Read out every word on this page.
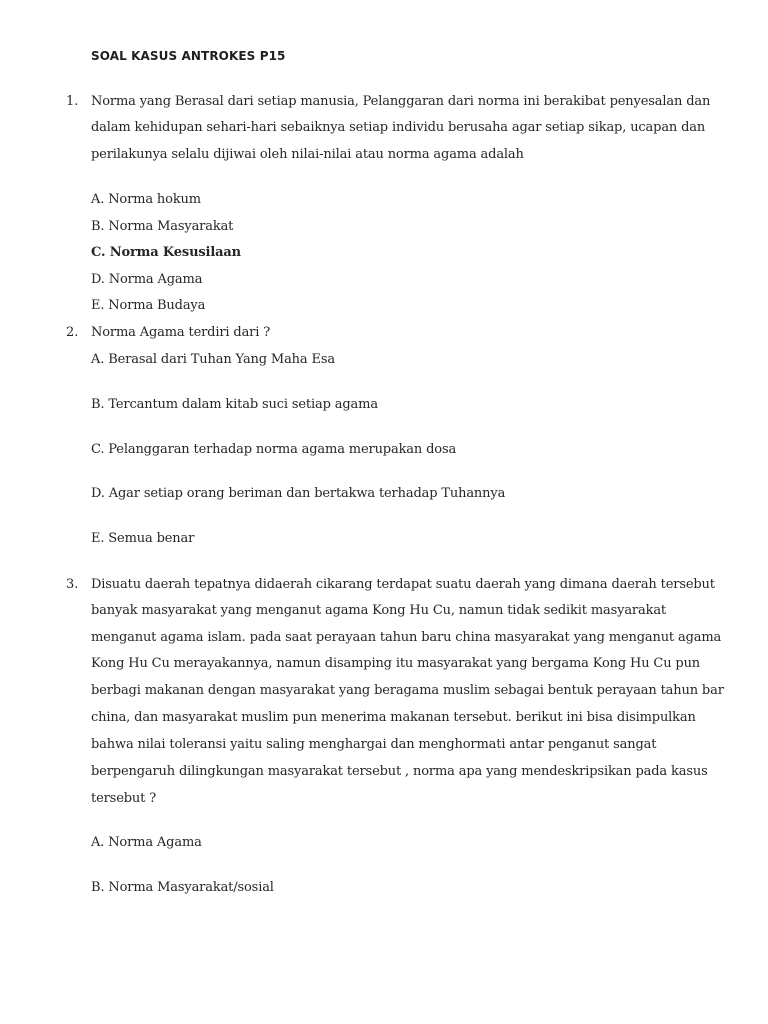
SOAL KASUS ANTROKES P15
1. Norma yang Berasal dari setiap manusia, Pelanggaran dari norma ini berakibat penyesalan dan
dalam kehidupan sehari-hari sebaiknya setiap individu berusaha agar setiap sikap, ucapan dan
perilakunya selalu dijiwai oleh nilai-nilai atau norma agama adalah
A. Norma hokum
B. Norma Masyarakat
C. Norma Kesusilaan
D. Norma Agama
E. Norma Budaya
2. Norma Agama terdiri dari ?
A. Berasal dari Tuhan Yang Maha Esa
B. Tercantum dalam kitab suci setiap agama
C. Pelanggaran terhadap norma agama merupakan dosa
D. Agar setiap orang beriman dan bertakwa terhadap Tuhannya
E. Semua benar
3. Disuatu daerah tepatnya didaerah cikarang terdapat suatu daerah yang dimana daerah tersebut
banyak masyarakat yang menganut agama Kong Hu Cu, namun tidak sedikit masyarakat
menganut agama islam. pada saat perayaan tahun baru china masyarakat yang menganut agama
Kong Hu Cu merayakannya, namun disamping itu masyarakat yang bergama Kong Hu Cu pun
berbagi makanan dengan masyarakat yang beragama muslim sebagai bentuk perayaan tahun bar
china, dan masyarakat muslim pun menerima makanan tersebut. berikut ini bisa disimpulkan
bahwa nilai toleransi yaitu saling menghargai dan menghormati antar penganut sangat
berpengaruh dilingkungan masyarakat tersebut , norma apa yang mendeskripsikan pada kasus
tersebut ?
A. Norma Agama
B. Norma Masyarakat/sosial
